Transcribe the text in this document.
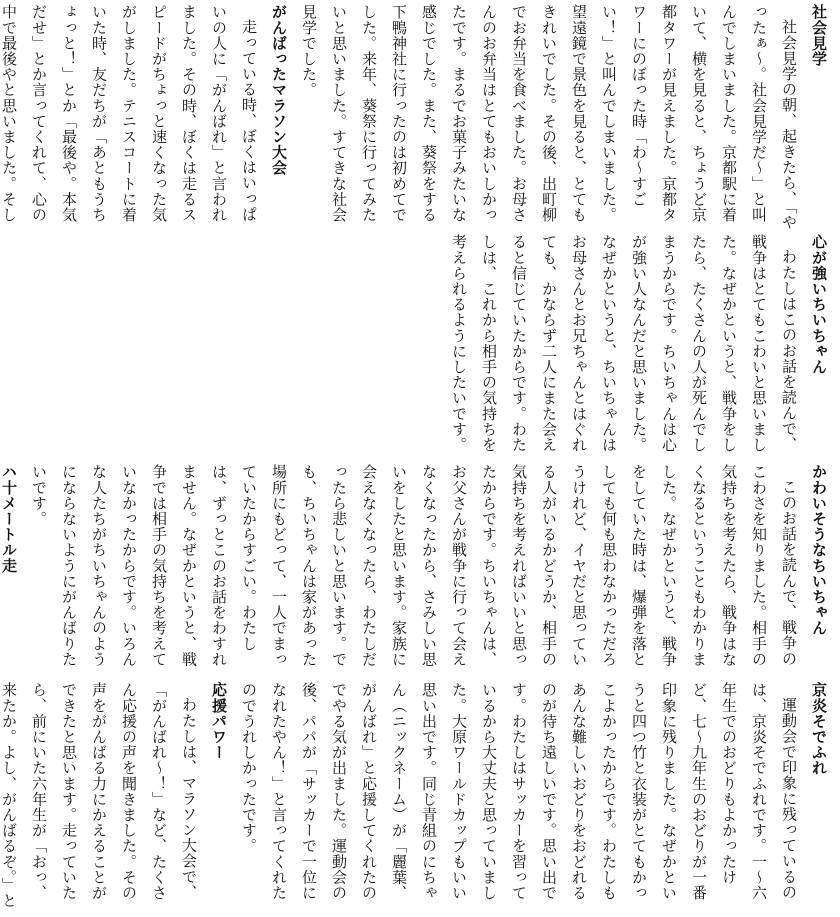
社会見学

社会見学の朝、起きたら、「やったぁ～。社会見学だ～」と叫んでしまいました。京都駅に着いて、横を見ると、ちょうど京都タワーが見えました。京都タワーにのぼった時「わ～すごい！」と叫んでしまいました。望遠鏡で景色を見ると、とてもきれいでした。その後、出町柳でお弁当を食べました。お母さんのお弁当はとてもおいしかったです。まるでお菓子みたいな感じでした。また、葵祭をする下鴨神社に行ったのは初めてでした。来年、葵祭に行ってみたいと思いました。すてきな社会見学でした。

がんばったマラソン大会

走っている時、ぼくはいっぱいの人に「がんばれ」と言われました。その時、ぼくは走るスピードがちょっと速くなった気がしました。テニスコートに着いた時、友だちが「あともうちょっと！」とか「最後や。本気だせ」とか言ってくれて、心の中で最後やと思いました。そし

心が強いちいちゃん

わたしはこのお話を読んで、戦争はとてもこわいと思いました。なぜかというと、戦争をしたら、たくさんの人が死んでしまうからです。ちいちゃんは心が強い人なんだと思いました。なぜかというと、ちいちゃんはお母さんとお兄ちゃんとはぐれても、かならず二人にまた会えると信じていたからです。わたしは、これから相手の気持ちを考えられるようにしたいです。

かわいそうなちいちゃん

このお話を読んで、戦争のこわさを知りました。相手の気持ちを考えたら、戦争はなくなるということもわかりました。なぜかというと、戦争をしていた時は、爆弾を落としても何も思わなかっただろうけれど、イヤだと思っている人がいるかどうか、相手の気持ちを考えればいいと思ったからです。ちいちゃんは、お父さんが戦争に行って会えなくなったから、さみしい思いをしたと思います。家族に会えなくなったら、わたしだったら悲しいと思います。でも、ちいちゃんは家があった場所にもどって、一人でまっていたからすごい。わたしは、ずっとこのお話をわすれません。なぜかというと、戦争では相手の気持ちを考えていなかったからです。いろんな人たちがちいちゃんのようにならないようにがんばりたいです。

ハ十メートル走

京炎そでふれ

運動会で印象に残っているのは、京炎そでふれです。一～六年生でのおどりもよかったけど、七～九年生のおどりが一番印象に残りました。なぜかというと四つ竹と衣装がとてもかっこよかったからです。わたしもあんな難しいおどりをおどれるのが待ち遠しいです。思い出です。わたしはサッカーを習っているから大丈夫と思っていました。大原ワールドカップもいい思い出です。同じ青組のにちゃん（ニックネーム）が「麗葉、がんばれ」と応援してくれたのでやる気が出ました。運動会の後、パパが「サッカーで一位になれたやん！」と言ってくれたのでうれしかったです。

応援パワー

わたしは、マラソン大会で、「がんばれ～！」など、たくさん応援の声を聞きました。その声をがんばる力にかえることができたと思います。走っていたら、前にいた六年生が「おっ、来たか。よし、がんばるぞ。」と
